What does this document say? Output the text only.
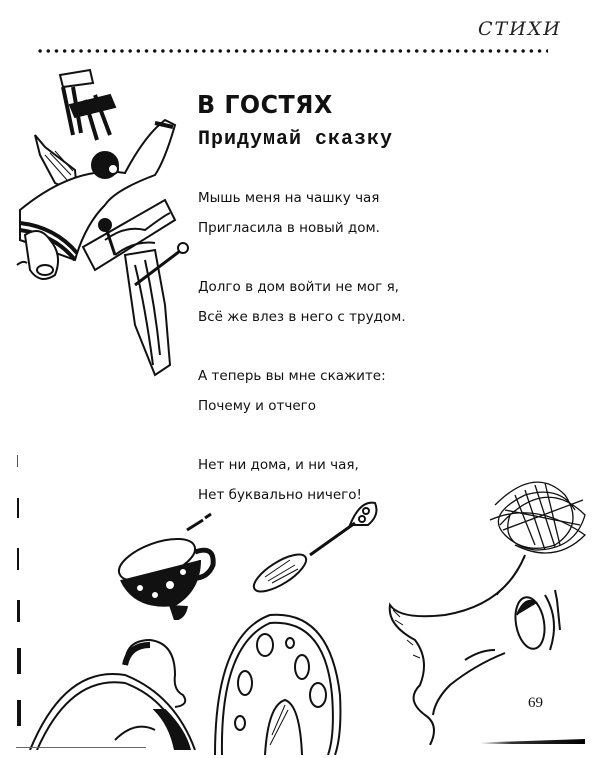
СТИХИ
В ГОСТЯХ
Придумай сказку
Мышь меня на чашку чая
Пригласила в новый дом.
Долго в дом войти не мог я,
Всё же влез в него с трудом.
А теперь вы мне скажите:
Почему и отчего
Нет ни дома, и ни чая,
Нет буквально ничего!
69
